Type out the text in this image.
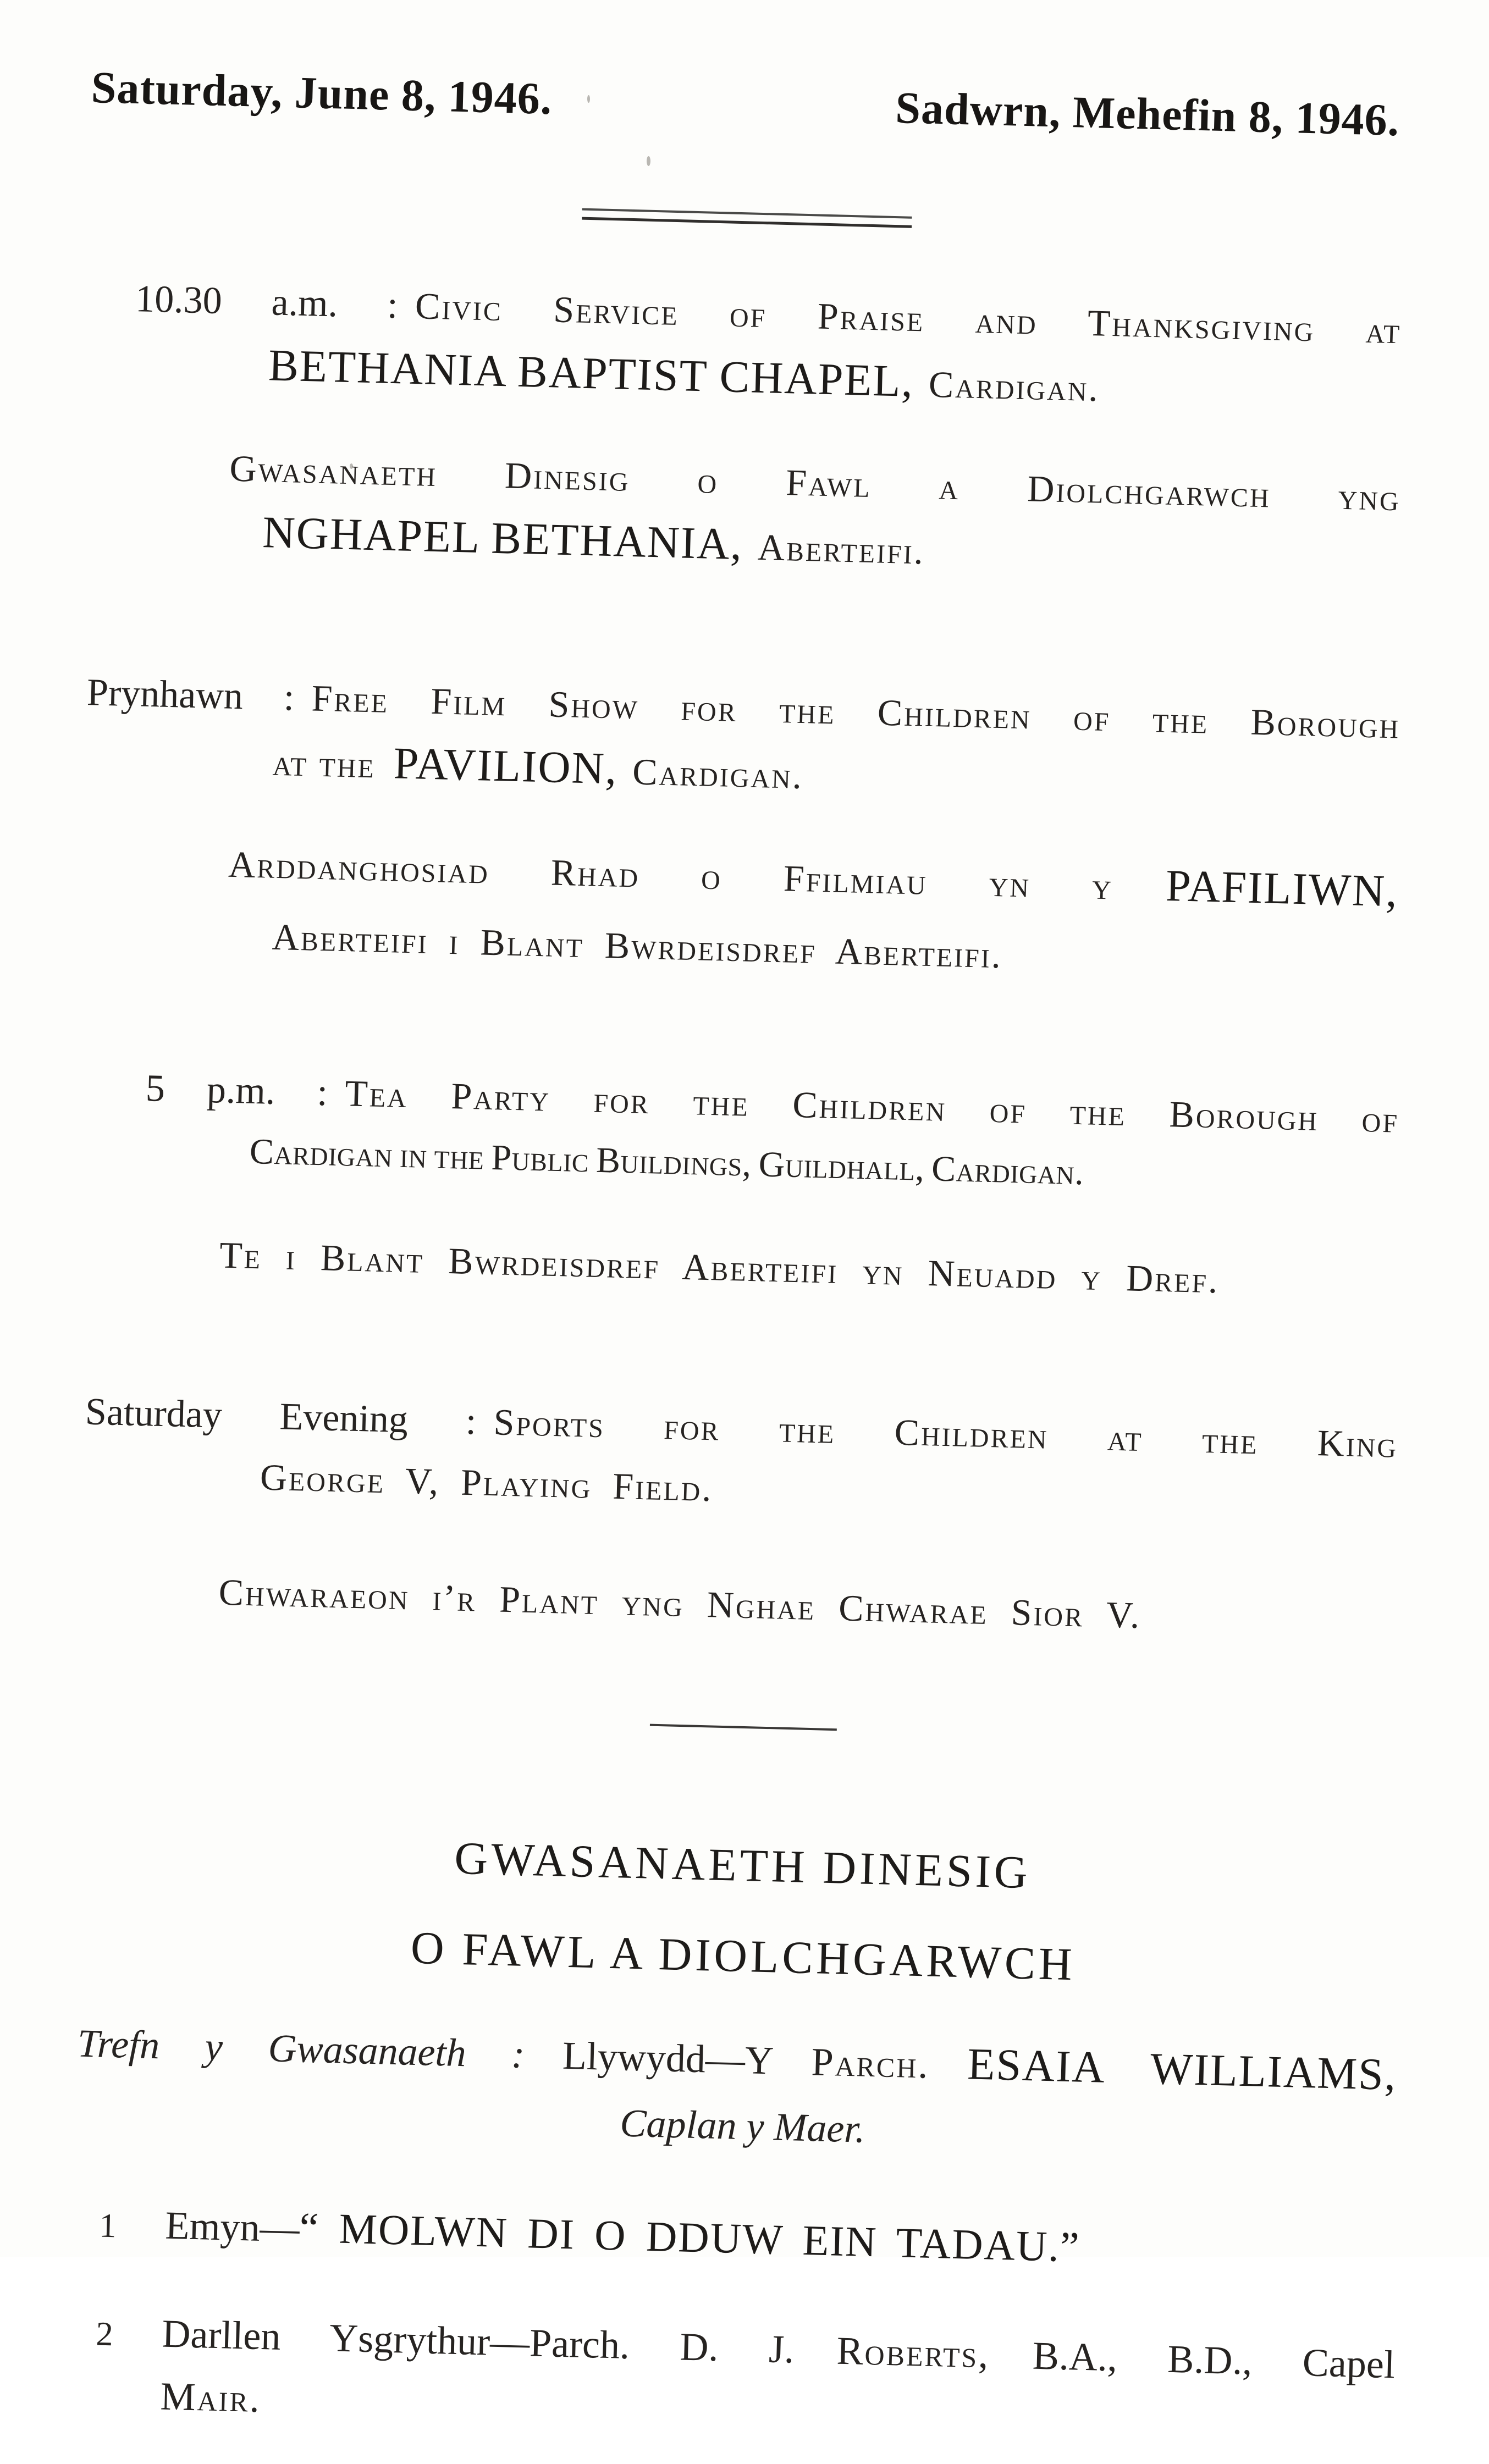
Saturday, June 8, 1946.	Sadwrn, Mehefin 8, 1946.
10.30 a.m. : Civic Service of Praise and Thanksgiving at
BETHANIA BAPTIST CHAPEL, Cardigan.
Gwasanaeth Dinesig o Fawl a Diolchgarwch yng
NGHAPEL BETHANIA, Aberteifi.
Prynhawn : Free Film Show for the Children of the Borough
at the PAVILION, Cardigan.
Arddanghosiad Rhad o Ffilmiau yn y PAFILIWN,
Aberteifi i Blant Bwrdeisdref Aberteifi.
5 p.m. : Tea Party for the Children of the Borough of
Cardigan in the Public Buildings, Guildhall, Cardigan.
Te i Blant Bwrdeisdref Aberteifi yn Neuadd y Dref.
Saturday Evening : Sports for the Children at the King
George V, Playing Field.
Chwaraeon i’r Plant yng Nghae Chwarae Sior V.
GWASANAETH DINESIG
O FAWL A DIOLCHGARWCH
Trefn y Gwasanaeth : Llywydd—Y Parch. ESAIA WILLIAMS,
Caplan y Maer.
1	Emyn—“ MOLWN DI O DDUW EIN TADAU.”
2	Darllen Ysgrythur—Parch. D. J. Roberts, B.A., B.D., Capel
Mair.
